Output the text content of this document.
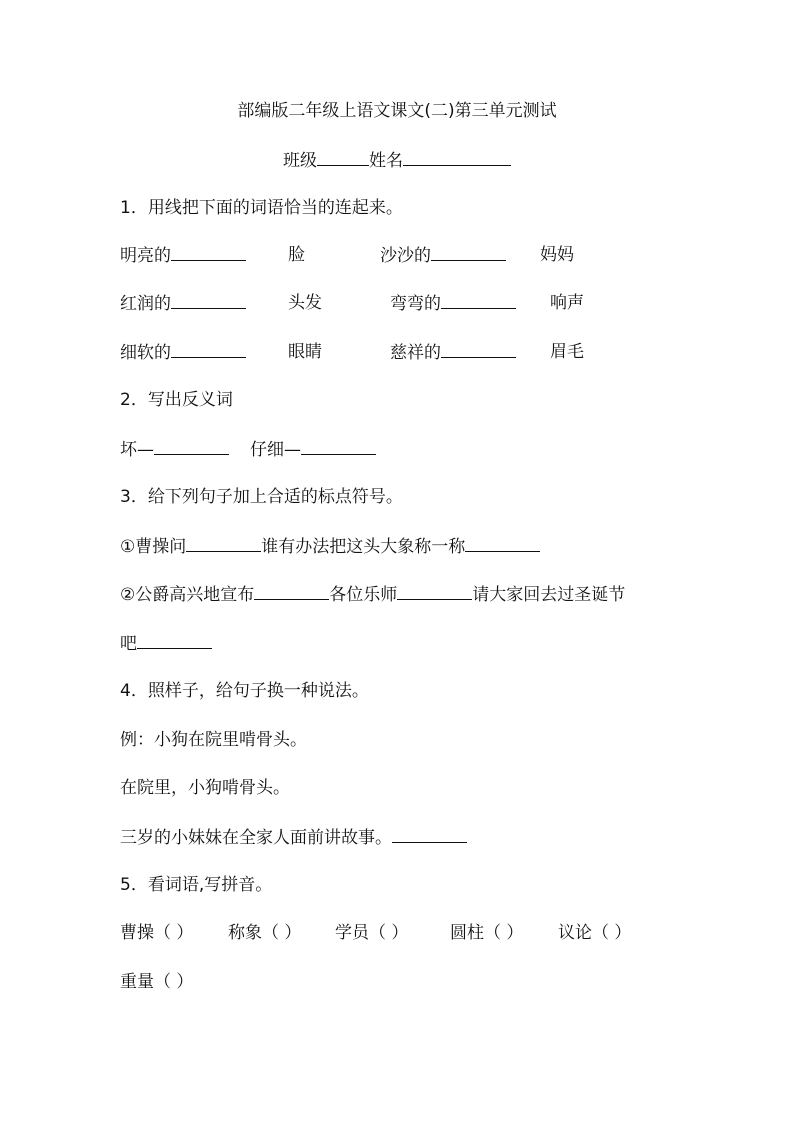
部编版二年级上语文课文(二)第三单元测试
班级	姓名
1．用线把下面的词语恰当的连起来。
明亮的	脸	沙沙的	妈妈
红润的	头发	弯弯的	响声
细软的	眼睛	慈祥的	眉毛
2．写出反义词
坏—	仔细—
3．给下列句子加上合适的标点符号。
①曹操问	谁有办法把这头大象称一称
②公爵高兴地宣布	各位乐师	请大家回去过圣诞节
吧
4．照样子，给句子换一种说法。
例：小狗在院里啃骨头。
在院里，小狗啃骨头。
三岁的小妹妹在全家人面前讲故事。
5．看词语,写拼音。
曹操（ ） 称象（ ） 学员（ ） 圆柱（ ） 议论（ ）
重量（ ）
